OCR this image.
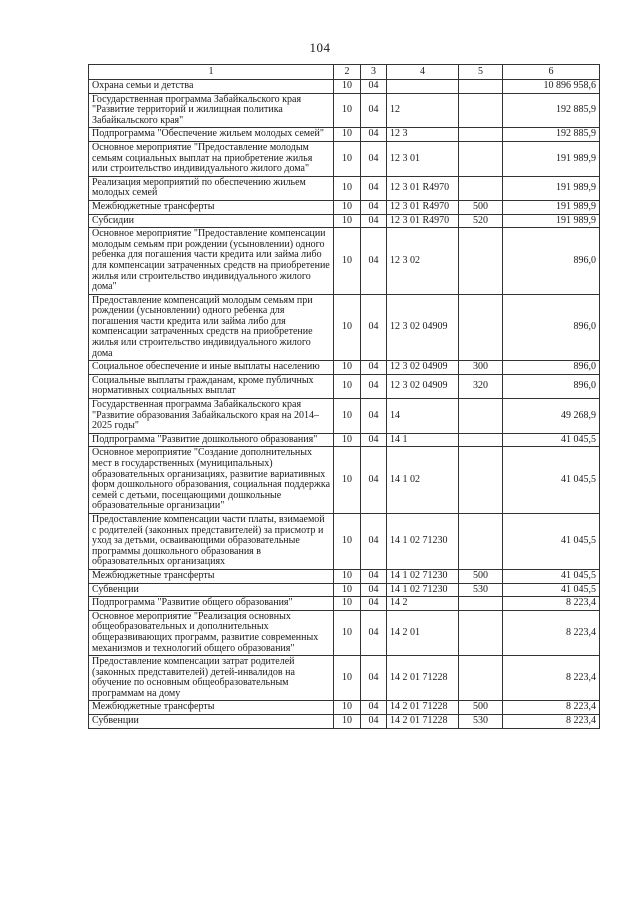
104
1	2	3	4	5	6
Охрана семьи и детства	10	04			10 896 958,6
Государственная программа Забайкальского края "Развитие территорий и жилищная политика Забайкальского края"	10	04	12		192 885,9
Подпрограмма "Обеспечение жильем молодых семей"	10	04	12 3		192 885,9
Основное мероприятие "Предоставление молодым семьям социальных выплат на приобретение жилья или строительство индивидуального жилого дома"	10	04	12 3 01		191 989,9
Реализация мероприятий по обеспечению жильем молодых семей	10	04	12 3 01 R4970		191 989,9
Межбюджетные трансферты	10	04	12 3 01 R4970	500	191 989,9
Субсидии	10	04	12 3 01 R4970	520	191 989,9
Основное мероприятие "Предоставление компенсации молодым семьям при рождении (усыновлении) одного ребенка для погашения части кредита или займа либо для компенсации затраченных средств на приобретение жилья или строительство индивидуального жилого дома"	10	04	12 3 02		896,0
Предоставление компенсаций молодым семьям при рождении (усыновлении) одного ребенка для погашения части кредита или займа либо для компенсации затраченных средств на приобретение жилья или строительство индивидуального жилого дома	10	04	12 3 02 04909		896,0
Социальное обеспечение и иные выплаты населению	10	04	12 3 02 04909	300	896,0
Социальные выплаты гражданам, кроме публичных нормативных социальных выплат	10	04	12 3 02 04909	320	896,0
Государственная программа Забайкальского края "Развитие образования Забайкальского края на 2014–2025 годы"	10	04	14		49 268,9
Подпрограмма "Развитие дошкольного образования"	10	04	14 1		41 045,5
Основное мероприятие "Создание дополнительных мест в государственных (муниципальных) образовательных организациях, развитие вариативных форм дошкольного образования, социальная поддержка семей с детьми, посещающими дошкольные образовательные организации"	10	04	14 1 02		41 045,5
Предоставление компенсации части платы, взимаемой с родителей (законных представителей) за присмотр и уход за детьми, осваивающими образовательные программы дошкольного образования в образовательных организациях	10	04	14 1 02 71230		41 045,5
Межбюджетные трансферты	10	04	14 1 02 71230	500	41 045,5
Субвенции	10	04	14 1 02 71230	530	41 045,5
Подпрограмма "Развитие общего образования"	10	04	14 2		8 223,4
Основное мероприятие "Реализация основных общеобразовательных и дополнительных общеразвивающих программ, развитие современных механизмов и технологий общего образования"	10	04	14 2 01		8 223,4
Предоставление компенсации затрат родителей (законных представителей) детей-инвалидов на обучение по основным общеобразовательным программам на дому	10	04	14 2 01 71228		8 223,4
Межбюджетные трансферты	10	04	14 2 01 71228	500	8 223,4
Субвенции	10	04	14 2 01 71228	530	8 223,4
